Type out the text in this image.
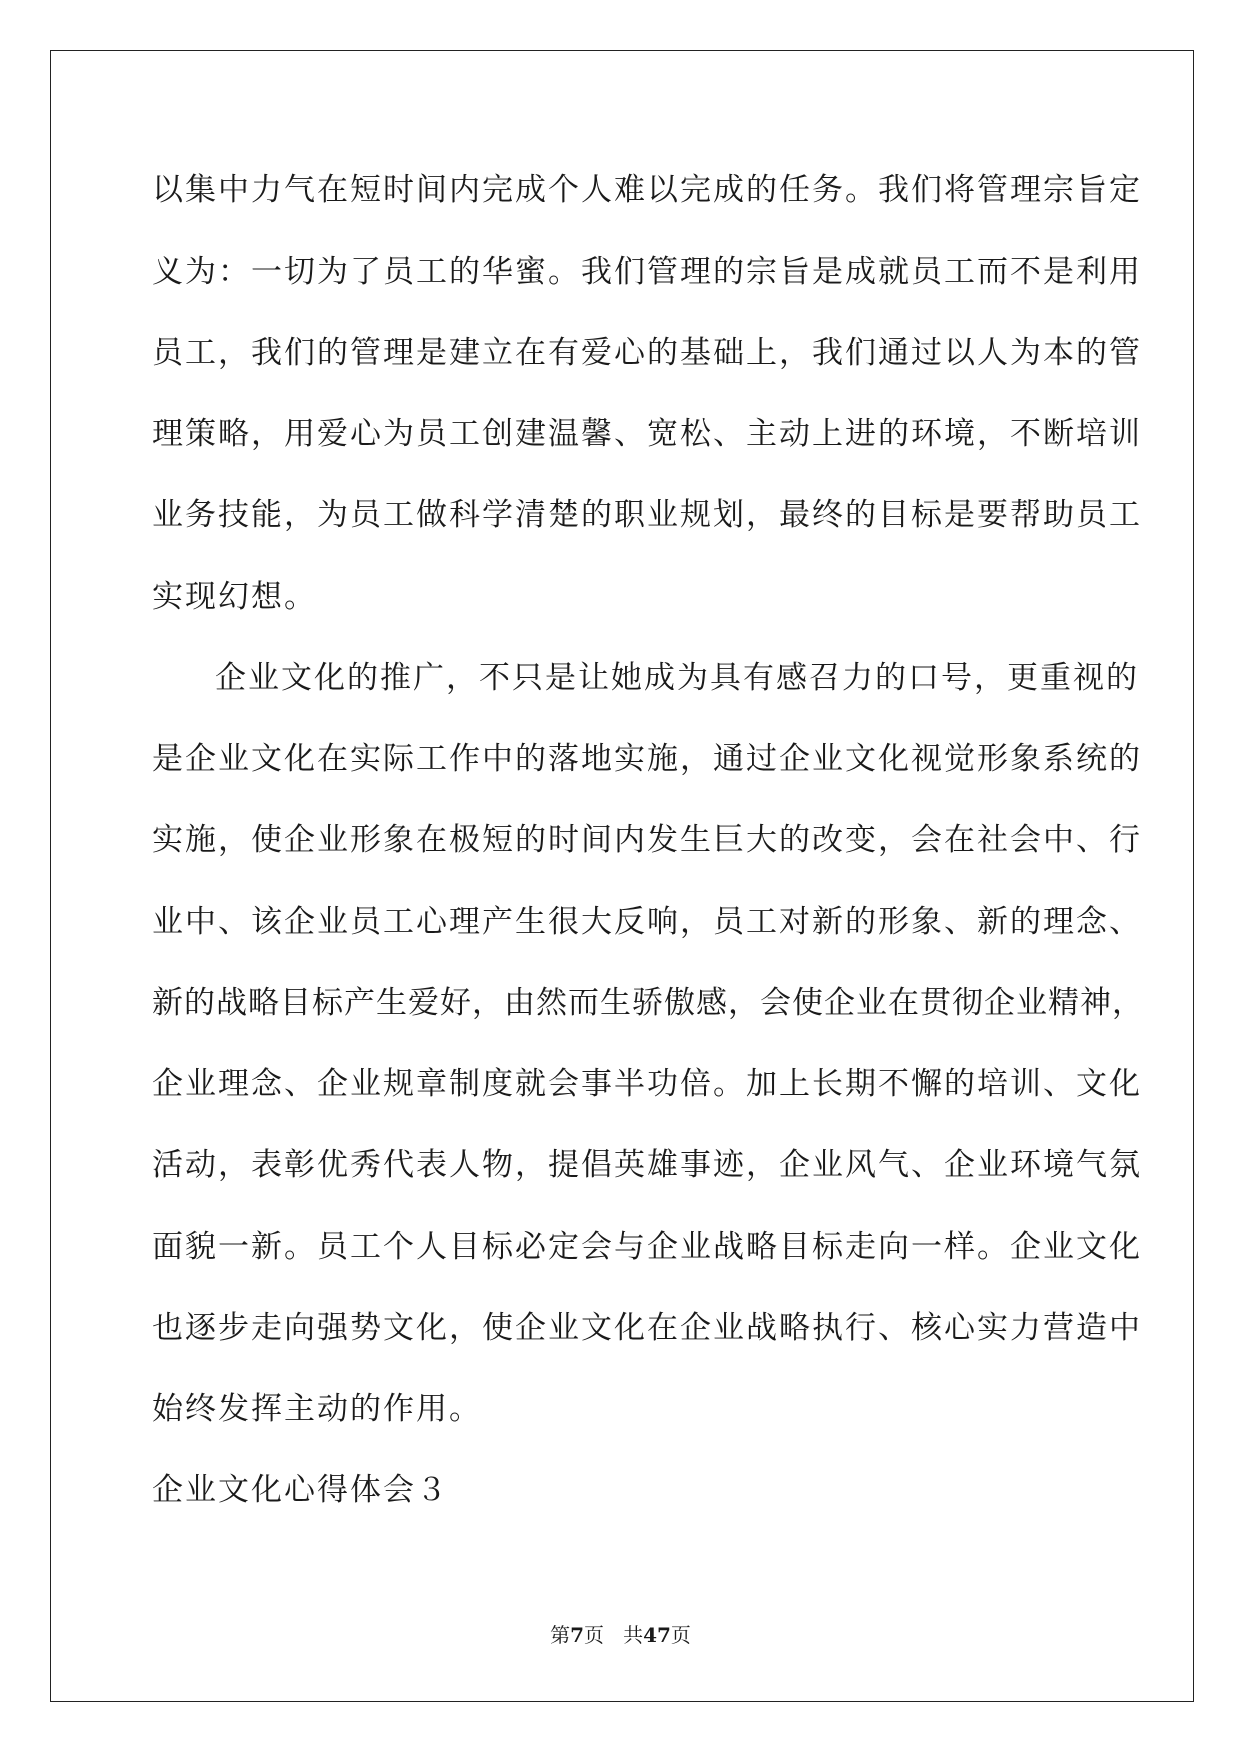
以集中力气在短时间内完成个人难以完成的任务。我们将管理宗旨定
义为：一切为了员工的华蜜。我们管理的宗旨是成就员工而不是利用
员工，我们的管理是建立在有爱心的基础上，我们通过以人为本的管
理策略，用爱心为员工创建温馨、宽松、主动上进的环境，不断培训
业务技能，为员工做科学清楚的职业规划，最终的目标是要帮助员工
实现幻想。
企业文化的推广，不只是让她成为具有感召力的口号，更重视的
是企业文化在实际工作中的落地实施，通过企业文化视觉形象系统的
实施，使企业形象在极短的时间内发生巨大的改变，会在社会中、行
业中、该企业员工心理产生很大反响，员工对新的形象、新的理念、
新的战略目标产生爱好，由然而生骄傲感，会使企业在贯彻企业精神，
企业理念、企业规章制度就会事半功倍。加上长期不懈的培训、文化
活动，表彰优秀代表人物，提倡英雄事迹，企业风气、企业环境气氛
面貌一新。员工个人目标必定会与企业战略目标走向一样。企业文化
也逐步走向强势文化，使企业文化在企业战略执行、核心实力营造中
始终发挥主动的作用。
企业文化心得体会３
第7页 共47页
